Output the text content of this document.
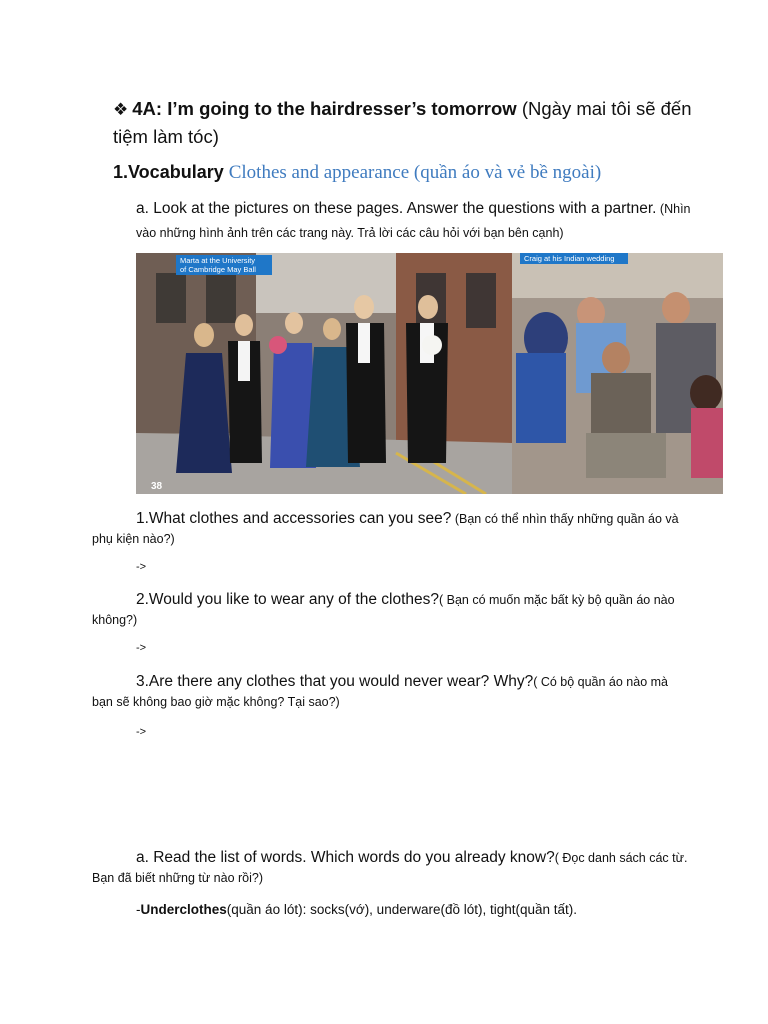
❖ 4A: I’m going to the hairdresser’s tomorrow (Ngày mai tôi sẽ đến tiệm làm tóc)
1.Vocabulary Clothes and appearance (quần áo và vẻ bề ngoài)
a. Look at the pictures on these pages. Answer the questions with a partner. (Nhìn vào những hình ảnh trên các trang này. Trả lời các câu hỏi với bạn bên cạnh)
Marta at the University
of Cambridge May Ball
38
Craig at his Indian wedding
1.What clothes and accessories can you see? (Bạn có thể nhìn thấy những quần áo và phụ kiện nào?)
->
2.Would you like to wear any of the clothes?( Bạn có muốn mặc bất kỳ bộ quần áo nào không?)
->
3.Are there any clothes that you would never wear? Why?( Có bộ quần áo nào mà bạn sẽ không bao giờ mặc không? Tại sao?)
->
a. Read the list of words. Which words do you already know?( Đọc danh sách các từ. Bạn đã biết những từ nào rồi?)
-Underclothes(quần áo lót): socks(vớ), underware(đồ lót), tight(quần tất).
